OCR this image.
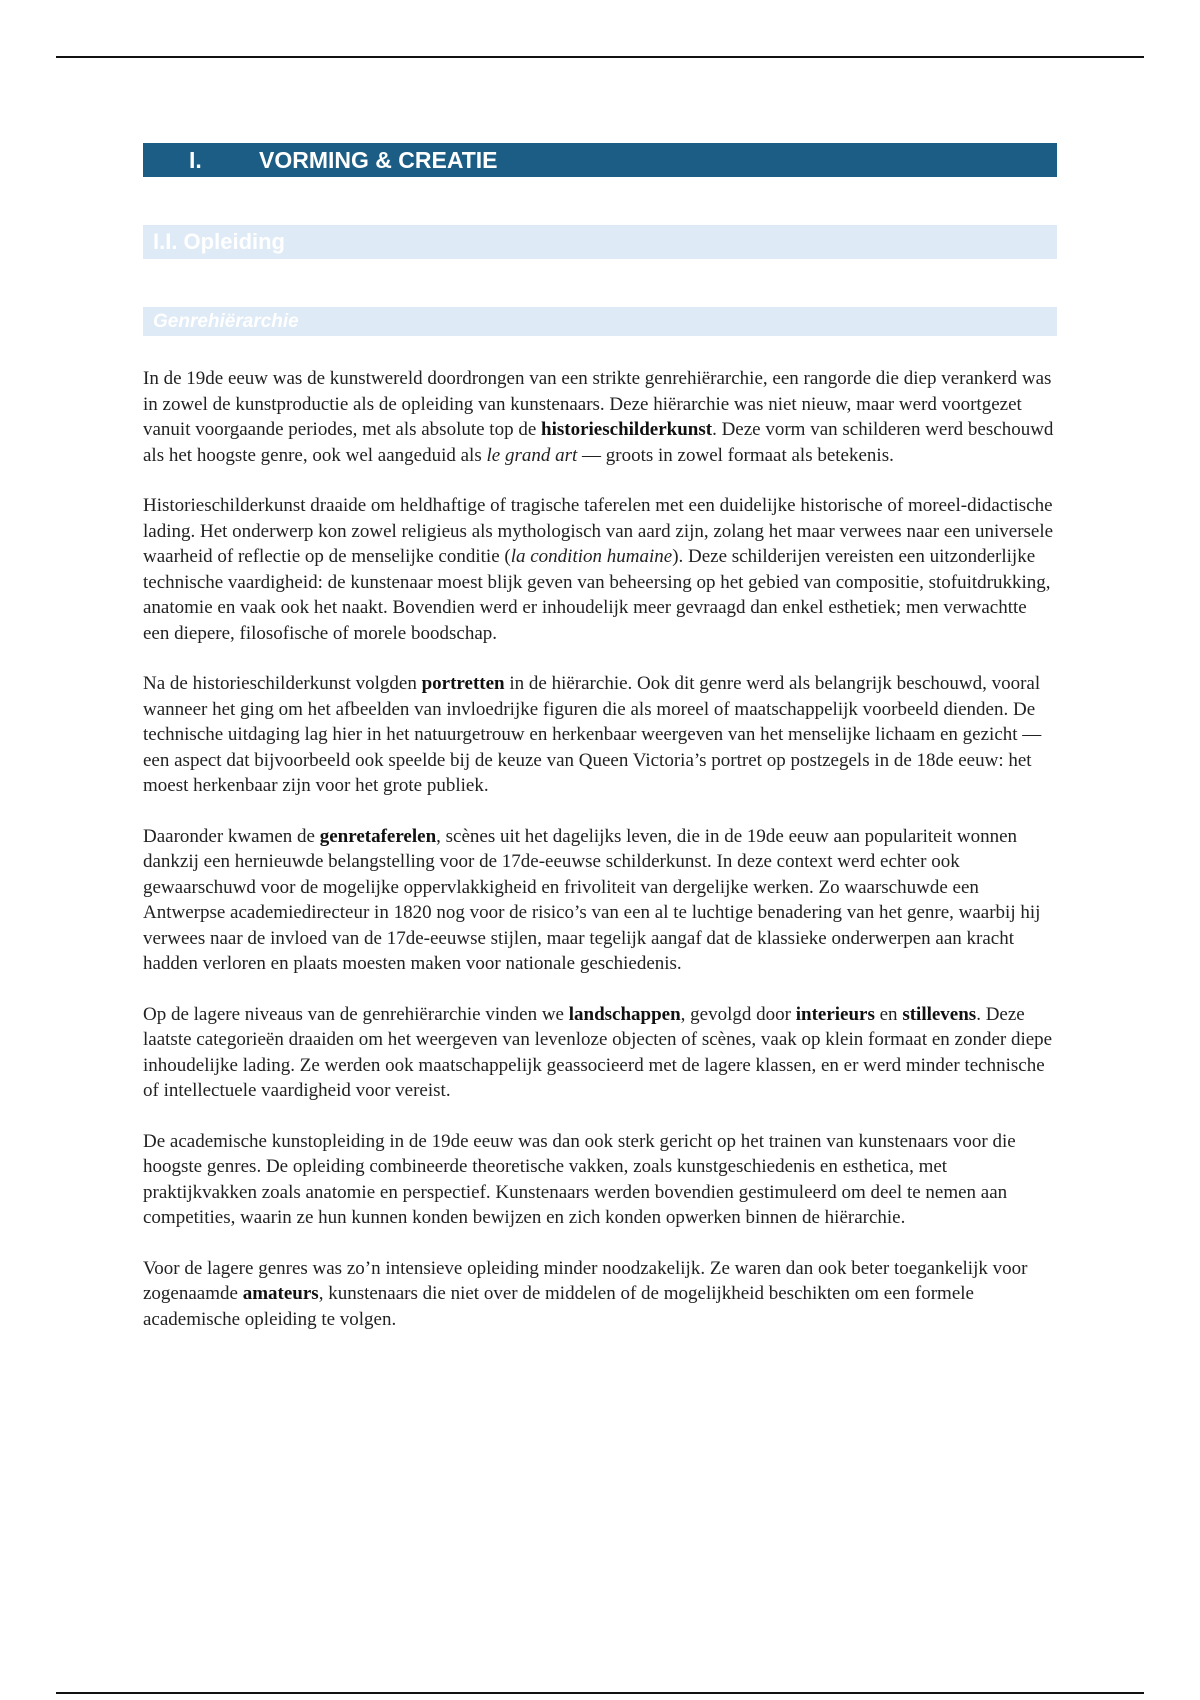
I.	VORMING & CREATIE
I.I. Opleiding
Genrehiërarchie

In de 19de eeuw was de kunstwereld doordrongen van een strikte genrehiërarchie, een rangorde die diep verankerd was in zowel de kunstproductie als de opleiding van kunstenaars. Deze hiërarchie was niet nieuw, maar werd voortgezet vanuit voorgaande periodes, met als absolute top de historieschilderkunst. Deze vorm van schilderen werd beschouwd als het hoogste genre, ook wel aangeduid als le grand art — groots in zowel formaat als betekenis.

Historieschilderkunst draaide om heldhaftige of tragische taferelen met een duidelijke historische of moreel-didactische lading. Het onderwerp kon zowel religieus als mythologisch van aard zijn, zolang het maar verwees naar een universele waarheid of reflectie op de menselijke conditie (la condition humaine). Deze schilderijen vereisten een uitzonderlijke technische vaardigheid: de kunstenaar moest blijk geven van beheersing op het gebied van compositie, stofuitdrukking, anatomie en vaak ook het naakt. Bovendien werd er inhoudelijk meer gevraagd dan enkel esthetiek; men verwachtte een diepere, filosofische of morele boodschap.

Na de historieschilderkunst volgden portretten in de hiërarchie. Ook dit genre werd als belangrijk beschouwd, vooral wanneer het ging om het afbeelden van invloedrijke figuren die als moreel of maatschappelijk voorbeeld dienden. De technische uitdaging lag hier in het natuurgetrouw en herkenbaar weergeven van het menselijke lichaam en gezicht — een aspect dat bijvoorbeeld ook speelde bij de keuze van Queen Victoria’s portret op postzegels in de 18de eeuw: het moest herkenbaar zijn voor het grote publiek.

Daaronder kwamen de genretaferelen, scènes uit het dagelijks leven, die in de 19de eeuw aan populariteit wonnen dankzij een hernieuwde belangstelling voor de 17de-eeuwse schilderkunst. In deze context werd echter ook gewaarschuwd voor de mogelijke oppervlakkigheid en frivoliteit van dergelijke werken. Zo waarschuwde een Antwerpse academiedirecteur in 1820 nog voor de risico’s van een al te luchtige benadering van het genre, waarbij hij verwees naar de invloed van de 17de-eeuwse stijlen, maar tegelijk aangaf dat de klassieke onderwerpen aan kracht hadden verloren en plaats moesten maken voor nationale geschiedenis.

Op de lagere niveaus van de genrehiërarchie vinden we landschappen, gevolgd door interieurs en stillevens. Deze laatste categorieën draaiden om het weergeven van levenloze objecten of scènes, vaak op klein formaat en zonder diepe inhoudelijke lading. Ze werden ook maatschappelijk geassocieerd met de lagere klassen, en er werd minder technische of intellectuele vaardigheid voor vereist.

De academische kunstopleiding in de 19de eeuw was dan ook sterk gericht op het trainen van kunstenaars voor die hoogste genres. De opleiding combineerde theoretische vakken, zoals kunstgeschiedenis en esthetica, met praktijkvakken zoals anatomie en perspectief. Kunstenaars werden bovendien gestimuleerd om deel te nemen aan competities, waarin ze hun kunnen konden bewijzen en zich konden opwerken binnen de hiërarchie.

Voor de lagere genres was zo’n intensieve opleiding minder noodzakelijk. Ze waren dan ook beter toegankelijk voor zogenaamde amateurs, kunstenaars die niet over de middelen of de mogelijkheid beschikten om een formele academische opleiding te volgen.
